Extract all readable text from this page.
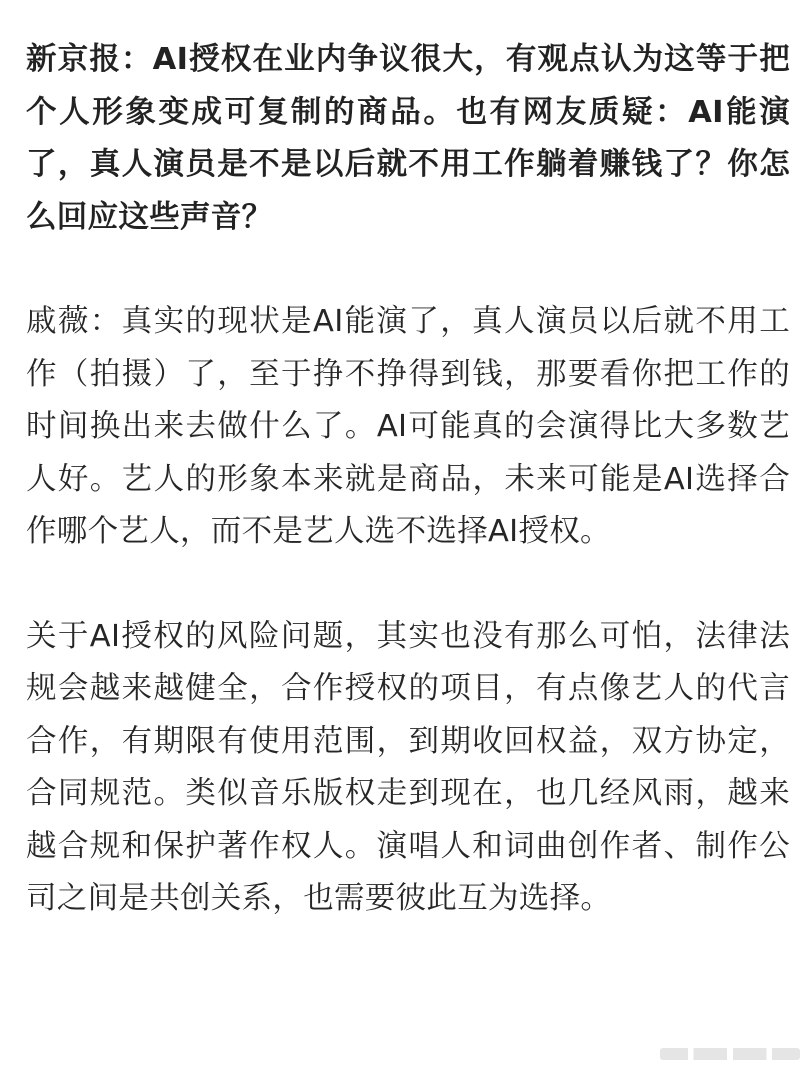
新京报：AI授权在业内争议很大，有观点认为这等于把个人形象变成可复制的商品。也有网友质疑：AI能演了，真人演员是不是以后就不用工作躺着赚钱了？你怎么回应这些声音？

戚薇：真实的现状是AI能演了，真人演员以后就不用工作（拍摄）了，至于挣不挣得到钱，那要看你把工作的时间换出来去做什么了。AI可能真的会演得比大多数艺人好。艺人的形象本来就是商品，未来可能是AI选择合作哪个艺人，而不是艺人选不选择AI授权。

关于AI授权的风险问题，其实也没有那么可怕，法律法规会越来越健全，合作授权的项目，有点像艺人的代言合作，有期限有使用范围，到期收回权益，双方协定，合同规范。类似音乐版权走到现在，也几经风雨，越来越合规和保护著作权人。演唱人和词曲创作者、制作公司之间是共创关系，也需要彼此互为选择。
